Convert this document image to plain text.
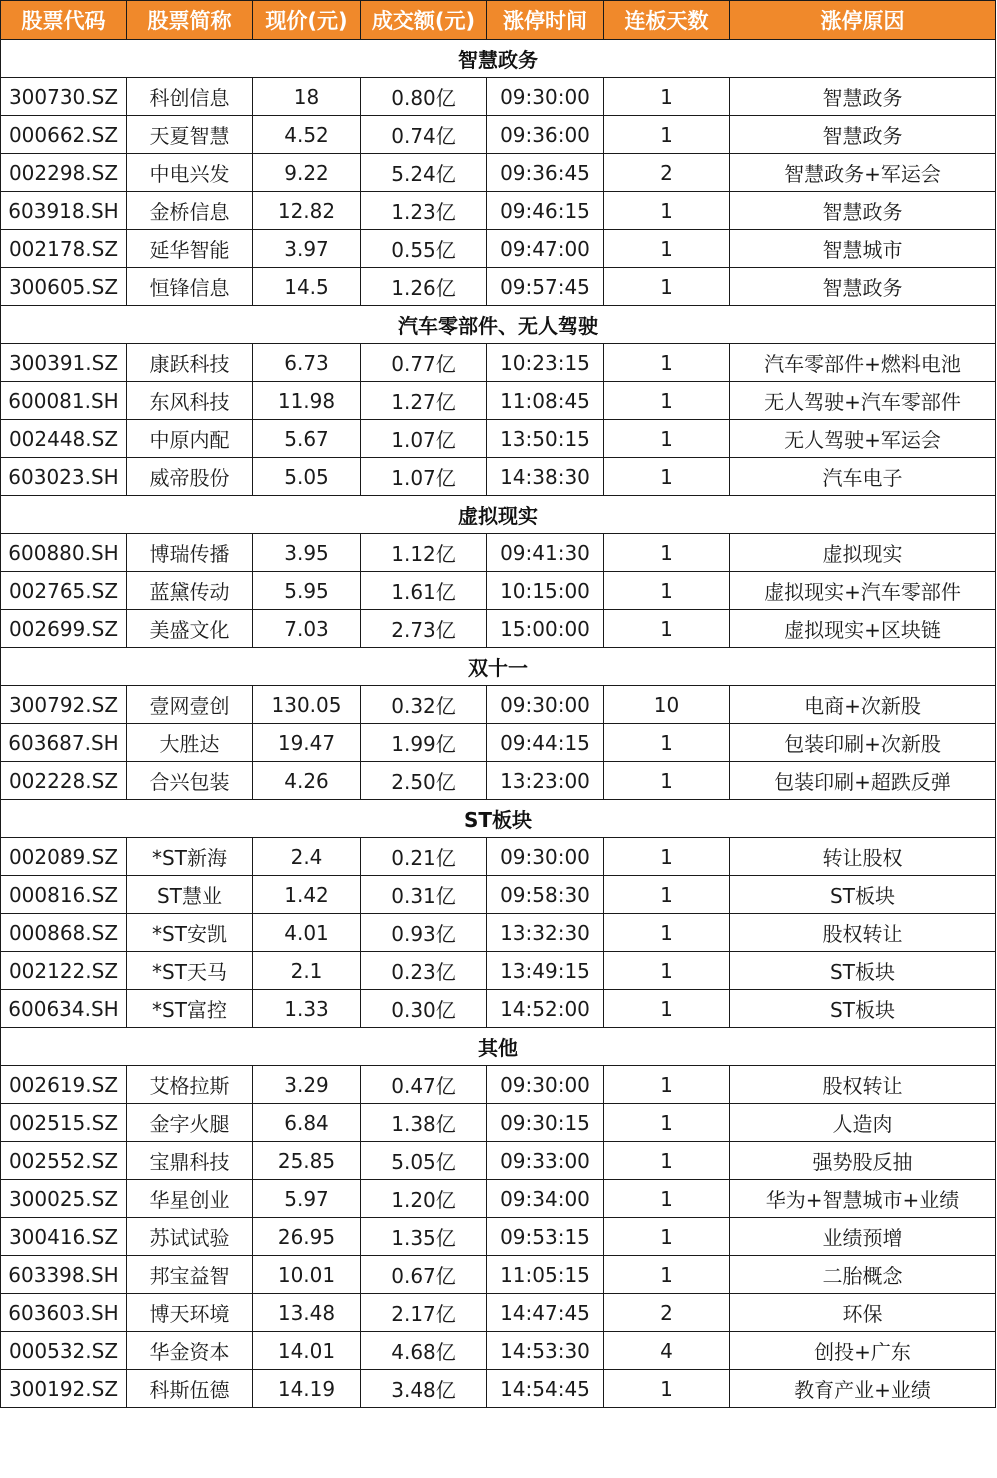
股票代码	股票简称	现价(元)	成交额(元)	涨停时间	连板天数	涨停原因
智慧政务						
300730.SZ	科创信息	18	0.80亿	09:30:00	1	智慧政务
000662.SZ	天夏智慧	4.52	0.74亿	09:36:00	1	智慧政务
002298.SZ	中电兴发	9.22	5.24亿	09:36:45	2	智慧政务+军运会
603918.SH	金桥信息	12.82	1.23亿	09:46:15	1	智慧政务
002178.SZ	延华智能	3.97	0.55亿	09:47:00	1	智慧城市
300605.SZ	恒锋信息	14.5	1.26亿	09:57:45	1	智慧政务
汽车零部件、无人驾驶						
300391.SZ	康跃科技	6.73	0.77亿	10:23:15	1	汽车零部件+燃料电池
600081.SH	东风科技	11.98	1.27亿	11:08:45	1	无人驾驶+汽车零部件
002448.SZ	中原内配	5.67	1.07亿	13:50:15	1	无人驾驶+军运会
603023.SH	威帝股份	5.05	1.07亿	14:38:30	1	汽车电子
虚拟现实						
600880.SH	博瑞传播	3.95	1.12亿	09:41:30	1	虚拟现实
002765.SZ	蓝黛传动	5.95	1.61亿	10:15:00	1	虚拟现实+汽车零部件
002699.SZ	美盛文化	7.03	2.73亿	15:00:00	1	虚拟现实+区块链
双十一						
300792.SZ	壹网壹创	130.05	0.32亿	09:30:00	10	电商+次新股
603687.SH	大胜达	19.47	1.99亿	09:44:15	1	包装印刷+次新股
002228.SZ	合兴包装	4.26	2.50亿	13:23:00	1	包装印刷+超跌反弹
ST板块						
002089.SZ	*ST新海	2.4	0.21亿	09:30:00	1	转让股权
000816.SZ	ST慧业	1.42	0.31亿	09:58:30	1	ST板块
000868.SZ	*ST安凯	4.01	0.93亿	13:32:30	1	股权转让
002122.SZ	*ST天马	2.1	0.23亿	13:49:15	1	ST板块
600634.SH	*ST富控	1.33	0.30亿	14:52:00	1	ST板块
其他						
002619.SZ	艾格拉斯	3.29	0.47亿	09:30:00	1	股权转让
002515.SZ	金字火腿	6.84	1.38亿	09:30:15	1	人造肉
002552.SZ	宝鼎科技	25.85	5.05亿	09:33:00	1	强势股反抽
300025.SZ	华星创业	5.97	1.20亿	09:34:00	1	华为+智慧城市+业绩
300416.SZ	苏试试验	26.95	1.35亿	09:53:15	1	业绩预增
603398.SH	邦宝益智	10.01	0.67亿	11:05:15	1	二胎概念
603603.SH	博天环境	13.48	2.17亿	14:47:45	2	环保
000532.SZ	华金资本	14.01	4.68亿	14:53:30	4	创投+广东
300192.SZ	科斯伍德	14.19	3.48亿	14:54:45	1	教育产业+业绩
